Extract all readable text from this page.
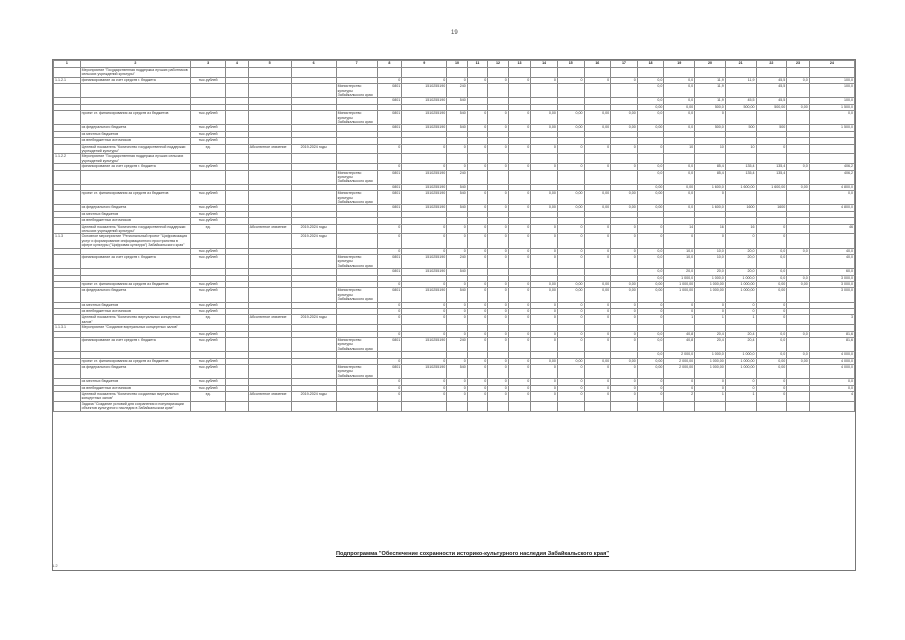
19
1	2	3	4	5	6	7	8	9	10	11	12	13	14	15	16	17	18	19	20	21	22	23	24
	Мероприятие "Государственная поддержка лучших работников сельских учреждений культуры"																						
1.1.2.1	финансирование за счет средств г. бюджета	тыс.рублей					0	0	0	0	0	0	0	0	0	0	0,0	0,0	11,9	11,9	45,5	0,0	100,0
						Министерство культуры Забайкальского края	0801	1510255190	240								0,0	0,0	11,9		45,5		100,0
							0801	1510255190	540								0,0	0,0	11,9	45,5	45,5		100,0
																	0,00	0,00	500,0	500,00	500,00	0,00	1 500,0
	проект ст. финансирования за средств из бюджетов	тыс.рублей				Министерство культуры Забайкальского края	0801	1510255190	540	0	0	0	0,00	0,00	0,00	0,00	0,0	0,0	0				0,0
	из федерального бюджета	тыс.рублей					0801	1510255190	540	0	0	0	0,00	0,00	0,00	0,00	0,00	0,0	500,0	500	500		1 500,0
	из местных бюджетов	тыс.рублей																					
	из внебюджетных источников	тыс.рублей																					
	Целевой показатель "Количество государственной поддержки учреждений культуры"	ед.		Абсолютное значение	2019-2024 годы		0	0	0	0	0	0	0	0	0	0	0	10	10	10	0		
1.1.2.2	Мероприятие "Государственная поддержка лучших сельских учреждений культуры"																						
	финансирование за счет средств г. бюджета	тыс.рублей					0	0	0	0	0	0	0	0	0	0	0,0	0,0	85,4	135,4	135,4	0,0	406,2
						Министерство культуры Забайкальского края	0801	1510255190	240								0,0	0,0	85,4	135,4	135,4		406,2
							0801	1510255190	540								0,00	0,00	1 600,0	1 600,00	1 600,00	0,00	4 800,0
	проект ст. финансирования за средств из бюджетов	тыс.рублей				Министерство культуры Забайкальского края	0801	1510255190	540	0	0	0	0,00	0,00	0,00	0,00	0,00	0,0	0				0,0
	из федерального бюджета	тыс.рублей					0801	1510255190	540	0	0	0	0,00	0,00	0,00	0,00	0,00	0,0	1 600,0	1600	1600		4 800,0
	из местных бюджетов	тыс.рублей																					
	из внебюджетных источников	тыс.рублей																					
	Целевой показатель "Количество государственной поддержки сельских учреждений культуры"	ед.		Абсолютное значение	2019-2024 годы		0	0	0	0	0	0	0	0	0	0	0	14	16	16	0		46
1.1.3	Основное мероприятие "Региональный проект "Цифровизация услуг и формирование информационного пространства в сфере культуры ("Цифровая культура") Забайкальского края"				2019-2024 годы		0	0	0	0	0	0	0	0	0	0	0	0	0	0	0		
		тыс.рублей					0	0	0	0	0	0	0	0	0	0	0,0	10,0	10,0	20,0	0,0	0,0	40,0
	финансирование за счет средств г. бюджета	тыс.рублей				Министерство культуры Забайкальского края	0801	1510255190	240	0	0	0	0	0	0	0	0,0	10,0	10,0	20,0	0,0		40,0
							0801	1510255190	540								0,0	20,0	20,0	20,0	0,0		60,0
																	0,0	1 000,0	1 000,0	1 000,0	0,0	0,0	3 000,0
	проект ст. финансирования за средств из бюджетов	тыс.рублей					0	0	0	0	0	0	0,00	0,00	0,00	0,00	0,00	1 000,00	1 000,00	1 000,00	0,00	0,00	3 000,0
	из федерального бюджета	тыс.рублей				Министерство культуры Забайкальского края	0801	1510255190	540	0	0	0	0,00	0,00	0,00	0,00	0,00	1 000,00	1 000,00	1 000,00	0,00		3 000,0
	из местных бюджетов	тыс.рублей					0	0	0	0	0	0	0	0	0	0	0	0	0	0	0		
	из внебюджетных источников	тыс.рублей					0	0	0	0	0	0	0	0	0	0	0	0	0	0	0		
	Целевой показатель "Количество виртуальных концертных залов"	ед.		Абсолютное значение	2019-2024 годы		0	0	0	0	0	0	0	0	0	0	0	1	1	1	0		3
1.1.3.1	Мероприятие "Создание виртуальных концертных залов"																						
		тыс.рублей					0	0	0	0	0	0	0	0	0	0	0,0	40,8	20,4	20,4	0,0	0,0	81,6
	финансирование за счет средств г. бюджета	тыс.рублей				Министерство культуры Забайкальского края	0801	1510255190	240	0	0	0	0	0	0	0	0,0	40,8	20,4	20,4	0,0		81,6
																	0,0	2 000,0	1 000,0	1 000,0	0,0	0,0	4 000,0
	проект ст. финансирования за средств из бюджетов	тыс.рублей					0	0	0	0	0	0	0,00	0,00	0,00	0,00	0,00	2 000,00	1 000,00	1 000,00	0,00	0,00	4 000,0
	из федерального бюджета	тыс.рублей				Министерство культуры Забайкальского края	0801	1510255190	540	0	0	0	0	0	0	0	0,00	2 000,00	1 000,00	1 000,00	0,00		4 000,0
	из местных бюджетов	тыс.рублей					0	0	0	0	0	0	0	0	0	0	0	0	0	0	0		0,0
	из внебюджетных источников	тыс.рублей					0	0	0	0	0	0	0	0	0	0	0	0	0	0	0		0,0
	Целевой показатель "Количество созданных виртуальных концертных залов"	ед.		Абсолютное значение	2019-2024 годы		0	0	0	0	0	0	0	0	0	0	0	2	1	1	0		4
	Задача "Создание условий для сохранения и популяризации объектов культурного наследия в Забайкальском крае"																						
Подпрограмма "Обеспечение сохранности историко-культурного наследия Забайкальского края"
1.2
